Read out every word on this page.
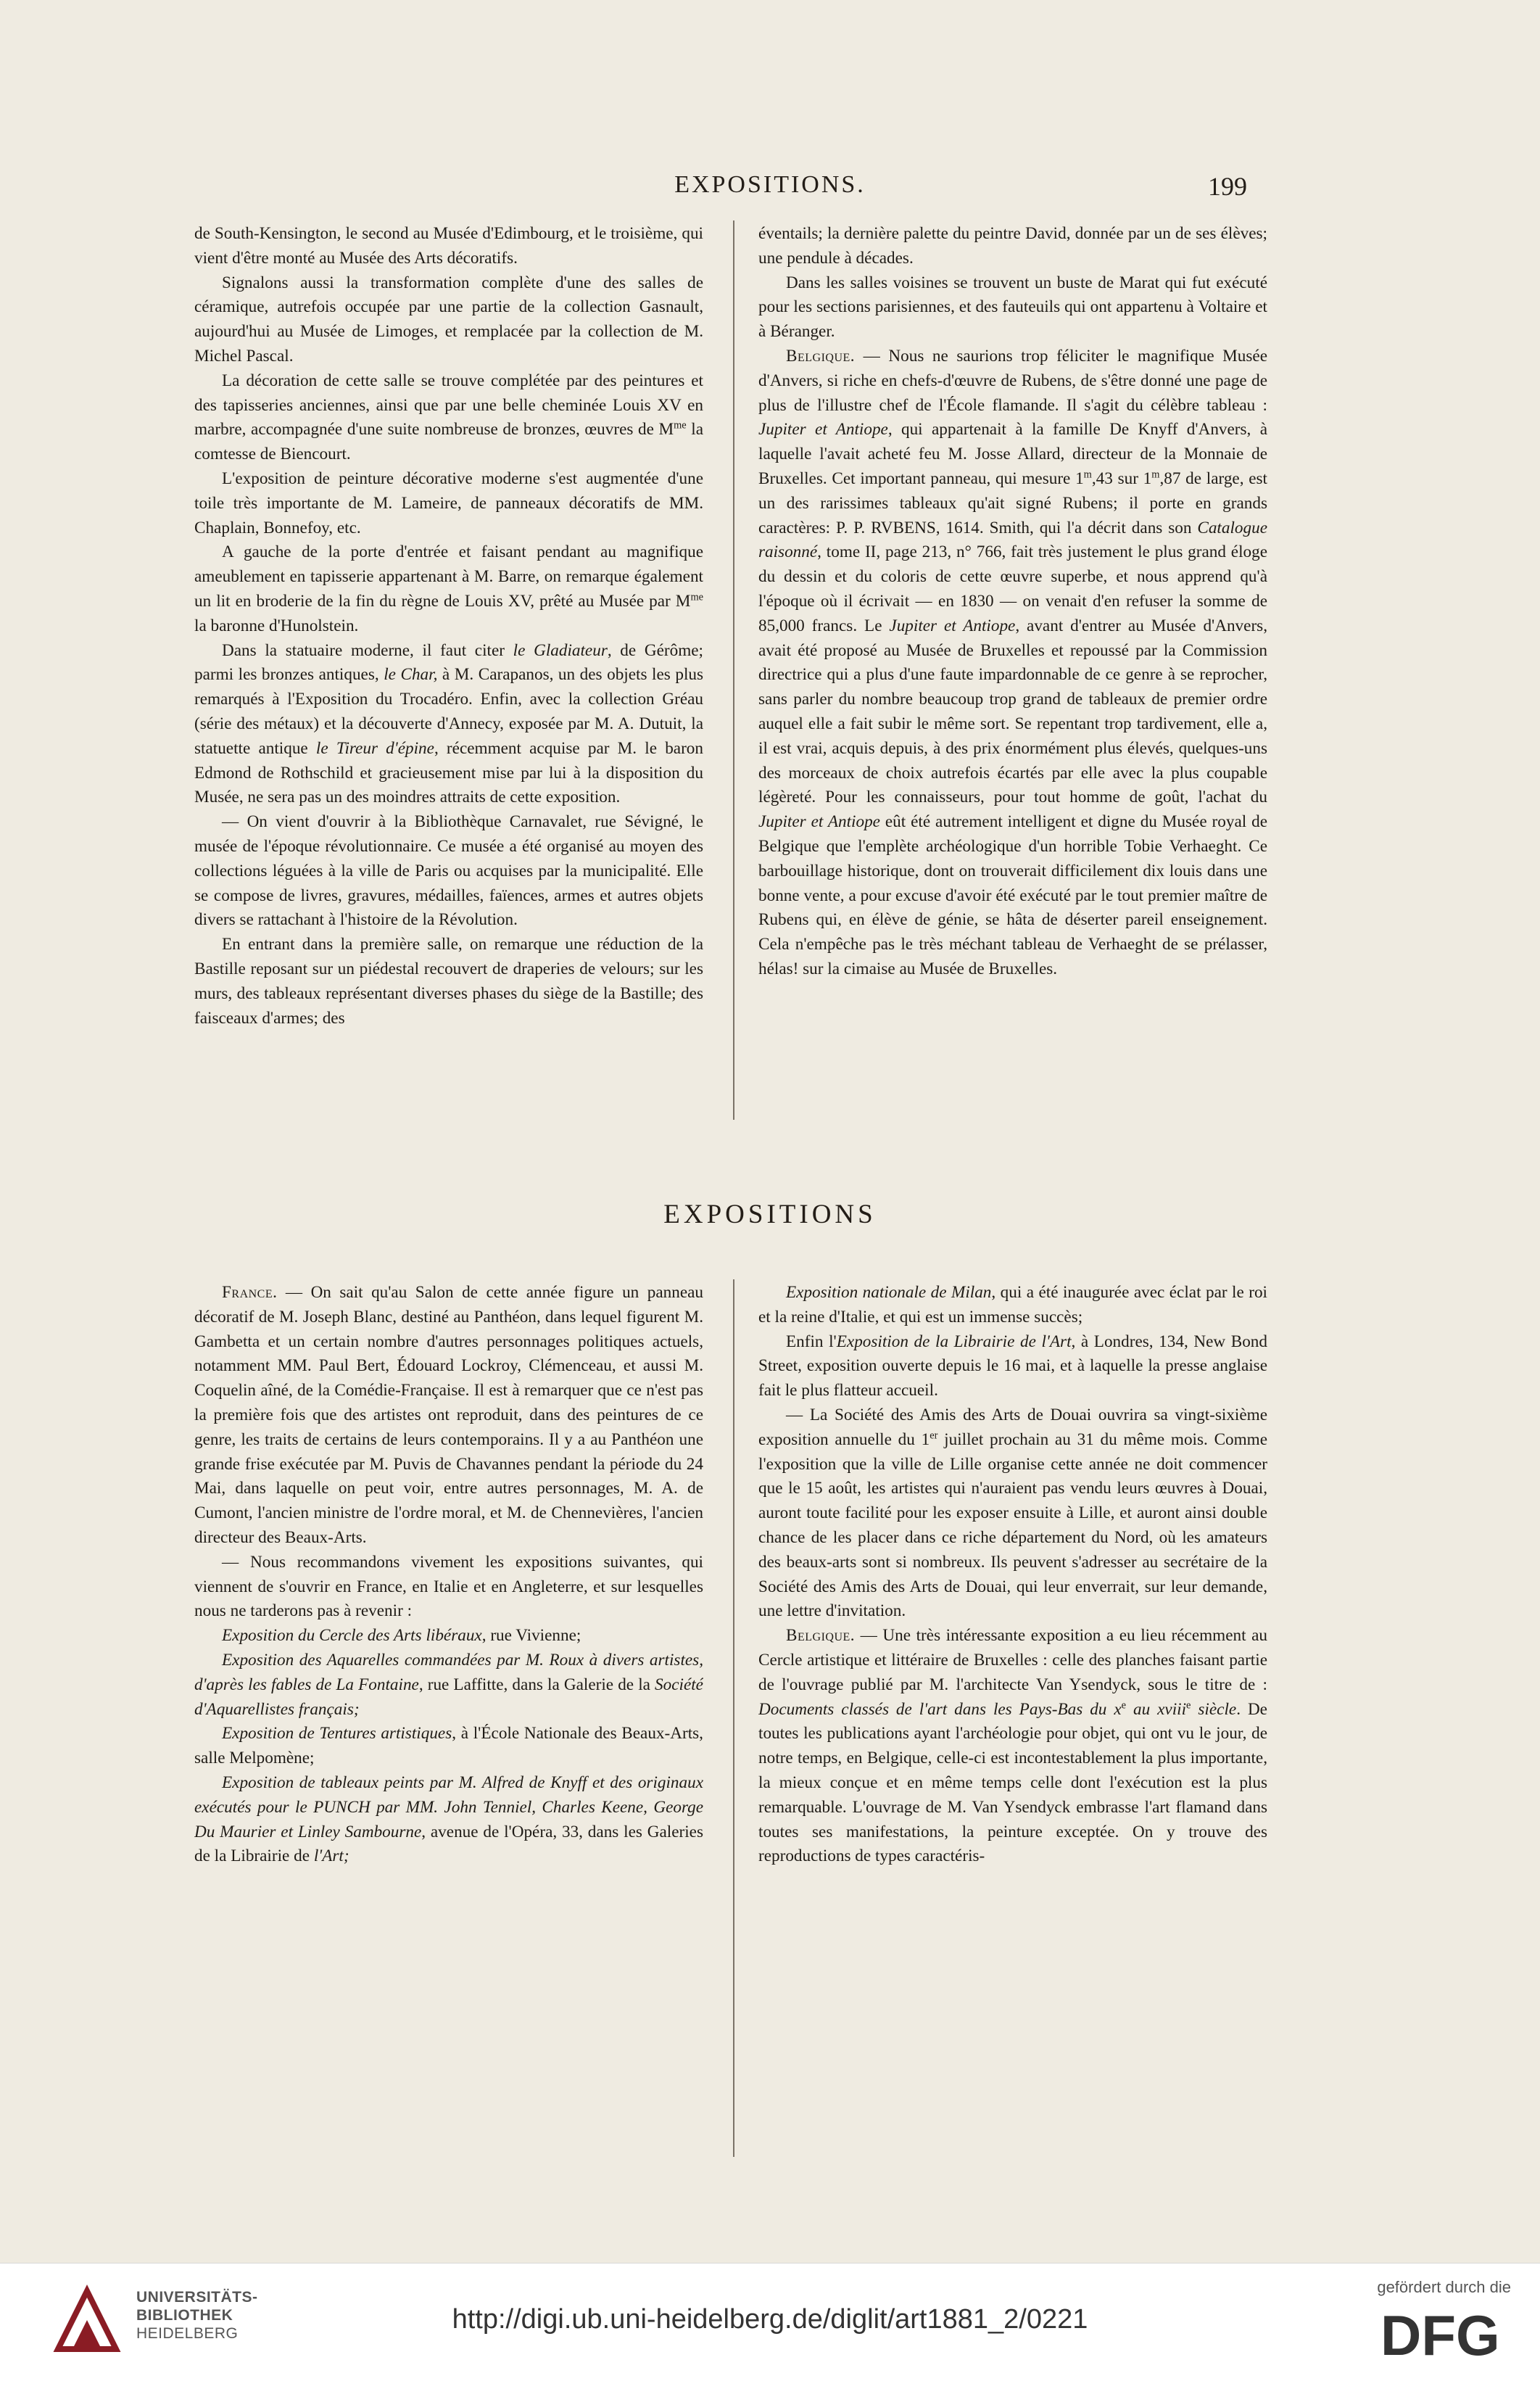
EXPOSITIONS.	199

de South-Kensington, le second au Musée d'Edimbourg, et le troisième, qui vient d'être monté au Musée des Arts décoratifs.

Signalons aussi la transformation complète d'une des salles de céramique, autrefois occupée par une partie de la collection Gasnault, aujourd'hui au Musée de Limoges, et remplacée par la collection de M. Michel Pascal.

La décoration de cette salle se trouve complétée par des peintures et des tapisseries anciennes, ainsi que par une belle cheminée Louis XV en marbre, accompagnée d'une suite nombreuse de bronzes, œuvres de $M^{me}$ la comtesse de Biencourt.

L'exposition de peinture décorative moderne s'est augmentée d'une toile très importante de M. Lameire, de panneaux décoratifs de MM. Chaplain, Bonnefoy, etc.

A gauche de la porte d'entrée et faisant pendant au magnifique ameublement en tapisserie appartenant à M. Barre, on remarque également un lit en broderie de la fin du règne de Louis XV, prêté au Musée par $M^{me}$ la baronne d'Hunolstein.

Dans la statuaire moderne, il faut citer le Gladiateur, de Gérôme; parmi les bronzes antiques, le Char, à M. Carapanos, un des objets les plus remarqués à l'Exposition du Trocadéro. Enfin, avec la collection Gréau (série des métaux) et la découverte d'Annecy, exposée par M. A. Dutuit, la statuette antique le Tireur d'épine, récemment acquise par M. le baron Edmond de Rothschild et gracieusement mise par lui à la disposition du Musée, ne sera pas un des moindres attraits de cette exposition.

— On vient d'ouvrir à la Bibliothèque Carnavalet, rue Sévigné, le musée de l'époque révolutionnaire. Ce musée a été organisé au moyen des collections léguées à la ville de Paris ou acquises par la municipalité. Elle se compose de livres, gravures, médailles, faïences, armes et autres objets divers se rattachant à l'histoire de la Révolution.

En entrant dans la première salle, on remarque une réduction de la Bastille reposant sur un piédestal recouvert de draperies de velours; sur les murs, des tableaux représentant diverses phases du siège de la Bastille; des faisceaux d'armes; des

éventails; la dernière palette du peintre David, donnée par un de ses élèves; une pendule à décades.

Dans les salles voisines se trouvent un buste de Marat qui fut exécuté pour les sections parisiennes, et des fauteuils qui ont appartenu à Voltaire et à Béranger.

Belgique. — Nous ne saurions trop féliciter le magnifique Musée d'Anvers, si riche en chefs-d'œuvre de Rubens, de s'être donné une page de plus de l'illustre chef de l'École flamande. Il s'agit du célèbre tableau : Jupiter et Antiope, qui appartenait à la famille De Knyff d'Anvers, à laquelle l'avait acheté feu M. Josse Allard, directeur de la Monnaie de Bruxelles. Cet important panneau, qui mesure 1$^m$,43 sur 1$^m$,87 de large, est un des rarissimes tableaux qu'ait signé Rubens; il porte en grands caractères: P. P. RVBENS, 1614. Smith, qui l'a décrit dans son Catalogue raisonné, tome II, page 213, n° 766, fait très justement le plus grand éloge du dessin et du coloris de cette œuvre superbe, et nous apprend qu'à l'époque où il écrivait — en 1830 — on venait d'en refuser la somme de 85,000 francs. Le Jupiter et Antiope, avant d'entrer au Musée d'Anvers, avait été proposé au Musée de Bruxelles et repoussé par la Commission directrice qui a plus d'une faute impardonnable de ce genre à se reprocher, sans parler du nombre beaucoup trop grand de tableaux de premier ordre auquel elle a fait subir le même sort. Se repentant trop tardivement, elle a, il est vrai, acquis depuis, à des prix énormément plus élevés, quelques-uns des morceaux de choix autrefois écartés par elle avec la plus coupable légèreté. Pour les connaisseurs, pour tout homme de goût, l'achat du Jupiter et Antiope eût été autrement intelligent et digne du Musée royal de Belgique que l'emplète archéologique d'un horrible Tobie Verhaeght. Ce barbouillage historique, dont on trouverait difficilement dix louis dans une bonne vente, a pour excuse d'avoir été exécuté par le tout premier maître de Rubens qui, en élève de génie, se hâta de déserter pareil enseignement. Cela n'empêche pas le très méchant tableau de Verhaeght de se prélasser, hélas! sur la cimaise au Musée de Bruxelles.

EXPOSITIONS

France. — On sait qu'au Salon de cette année figure un panneau décoratif de M. Joseph Blanc, destiné au Panthéon, dans lequel figurent M. Gambetta et un certain nombre d'autres personnages politiques actuels, notamment MM. Paul Bert, Édouard Lockroy, Clémenceau, et aussi M. Coquelin aîné, de la Comédie-Française. Il est à remarquer que ce n'est pas la première fois que des artistes ont reproduit, dans des peintures de ce genre, les traits de certains de leurs contemporains. Il y a au Panthéon une grande frise exécutée par M. Puvis de Chavannes pendant la période du 24 Mai, dans laquelle on peut voir, entre autres personnages, M. A. de Cumont, l'ancien ministre de l'ordre moral, et M. de Chennevières, l'ancien directeur des Beaux-Arts.

— Nous recommandons vivement les expositions suivantes, qui viennent de s'ouvrir en France, en Italie et en Angleterre, et sur lesquelles nous ne tarderons pas à revenir :

Exposition du Cercle des Arts libéraux, rue Vivienne;

Exposition des Aquarelles commandées par M. Roux à divers artistes, d'après les fables de La Fontaine, rue Laffitte, dans la Galerie de la Société d'Aquarellistes français;

Exposition de Tentures artistiques, à l'École Nationale des Beaux-Arts, salle Melpomène;

Exposition de tableaux peints par M. Alfred de Knyff et des originaux exécutés pour le PUNCH par MM. John Tenniel, Charles Keene, George Du Maurier et Linley Sambourne, avenue de l'Opéra, 33, dans les Galeries de la Librairie de l'Art;

Exposition nationale de Milan, qui a été inaugurée avec éclat par le roi et la reine d'Italie, et qui est un immense succès;

Enfin l'Exposition de la Librairie de l'Art, à Londres, 134, New Bond Street, exposition ouverte depuis le 16 mai, et à laquelle la presse anglaise fait le plus flatteur accueil.

— La Société des Amis des Arts de Douai ouvrira sa vingt-sixième exposition annuelle du 1er juillet prochain au 31 du même mois. Comme l'exposition que la ville de Lille organise cette année ne doit commencer que le 15 août, les artistes qui n'auraient pas vendu leurs œuvres à Douai, auront toute facilité pour les exposer ensuite à Lille, et auront ainsi double chance de les placer dans ce riche département du Nord, où les amateurs des beaux-arts sont si nombreux. Ils peuvent s'adresser au secrétaire de la Société des Amis des Arts de Douai, qui leur enverrait, sur leur demande, une lettre d'invitation.

Belgique. — Une très intéressante exposition a eu lieu récemment au Cercle artistique et littéraire de Bruxelles : celle des planches faisant partie de l'ouvrage publié par M. l'architecte Van Ysendyck, sous le titre de : Documents classés de l'art dans les Pays-Bas du $x^e$ au xviii$^e$ siècle. De toutes les publications ayant l'archéologie pour objet, qui ont vu le jour, de notre temps, en Belgique, celle-ci est incontestablement la plus importante, la mieux conçue et en même temps celle dont l'exécution est la plus remarquable. L'ouvrage de M. Van Ysendyck embrasse l'art flamand dans toutes ses manifestations, la peinture exceptée. On y trouve des reproductions de types caractéris-

UNIVERSITÄTS-
BIBLIOTHEK
HEIDELBERG	http://digi.ub.uni-heidelberg.de/diglit/art1881_2/0221
gefördert durch die
DFG
